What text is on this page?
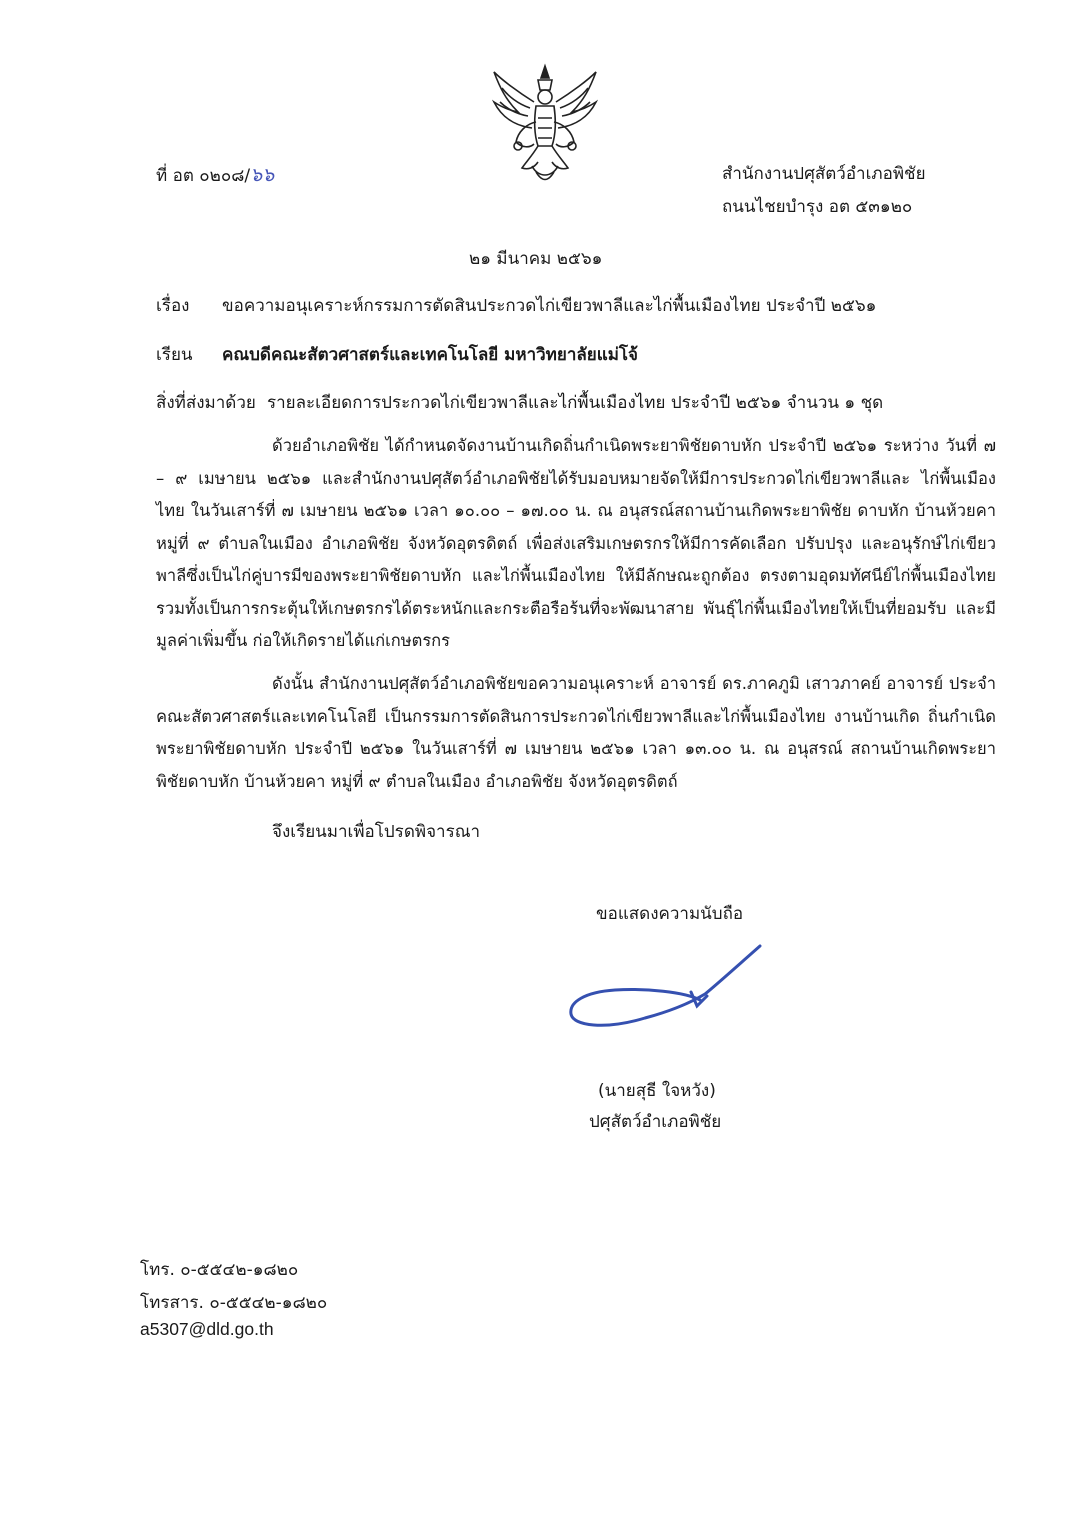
ที่ อต ๐๒๐๘/๖๖	สำนักงานปศุสัตว์อำเภอพิชัย
ถนนไชยบำรุง อต ๕๓๑๒๐
๒๑ มีนาคม ๒๕๖๑
เรื่อง ขอความอนุเคราะห์กรรมการตัดสินประกวดไก่เขียวพาลีและไก่พื้นเมืองไทย ประจำปี ๒๕๖๑
เรียน คณบดีคณะสัตวศาสตร์และเทคโนโลยี มหาวิทยาลัยแม่โจ้
สิ่งที่ส่งมาด้วย รายละเอียดการประกวดไก่เขียวพาลีและไก่พื้นเมืองไทย ประจำปี ๒๕๖๑ จำนวน ๑ ชุด
ด้วยอำเภอพิชัย ได้กำหนดจัดงานบ้านเกิดถิ่นกำเนิดพระยาพิชัยดาบหัก ประจำปี ๒๕๖๑ ระหว่าง วันที่ ๗ – ๙ เมษายน ๒๕๖๑ และสำนักงานปศุสัตว์อำเภอพิชัยได้รับมอบหมายจัดให้มีการประกวดไก่เขียวพาลีและ ไก่พื้นเมืองไทย ในวันเสาร์ที่ ๗ เมษายน ๒๕๖๑ เวลา ๑๐.๐๐ – ๑๗.๐๐ น. ณ อนุสรณ์สถานบ้านเกิดพระยาพิชัย ดาบหัก บ้านห้วยคา หมู่ที่ ๙ ตำบลในเมือง อำเภอพิชัย จังหวัดอุตรดิตถ์ เพื่อส่งเสริมเกษตรกรให้มีการคัดเลือก ปรับปรุง และอนุรักษ์ไก่เขียวพาลีซึ่งเป็นไก่คู่บารมีของพระยาพิชัยดาบหัก และไก่พื้นเมืองไทย ให้มีลักษณะถูกต้อง ตรงตามอุดมทัศนีย์ไก่พื้นเมืองไทย รวมทั้งเป็นการกระตุ้นให้เกษตรกรได้ตระหนักและกระตือรือร้นที่จะพัฒนาสาย พันธุ์ไก่พื้นเมืองไทยให้เป็นที่ยอมรับ และมีมูลค่าเพิ่มขึ้น ก่อให้เกิดรายได้แก่เกษตรกร
ดังนั้น สำนักงานปศุสัตว์อำเภอพิชัยขอความอนุเคราะห์ อาจารย์ ดร.ภาคภูมิ เสาวภาคย์ อาจารย์ ประจำคณะสัตวศาสตร์และเทคโนโลยี เป็นกรรมการตัดสินการประกวดไก่เขียวพาลีและไก่พื้นเมืองไทย งานบ้านเกิด ถิ่นกำเนิดพระยาพิชัยดาบหัก ประจำปี ๒๕๖๑ ในวันเสาร์ที่ ๗ เมษายน ๒๕๖๑ เวลา ๑๓.๐๐ น. ณ อนุสรณ์ สถานบ้านเกิดพระยาพิชัยดาบหัก บ้านห้วยคา หมู่ที่ ๙ ตำบลในเมือง อำเภอพิชัย จังหวัดอุตรดิตถ์
จึงเรียนมาเพื่อโปรดพิจารณา
ขอแสดงความนับถือ
(นายสุธี ใจหวัง)
ปศุสัตว์อำเภอพิชัย
โทร. ๐-๕๕๔๒-๑๘๒๐
โทรสาร. ๐-๕๕๔๒-๑๘๒๐
a5307@dld.go.th
